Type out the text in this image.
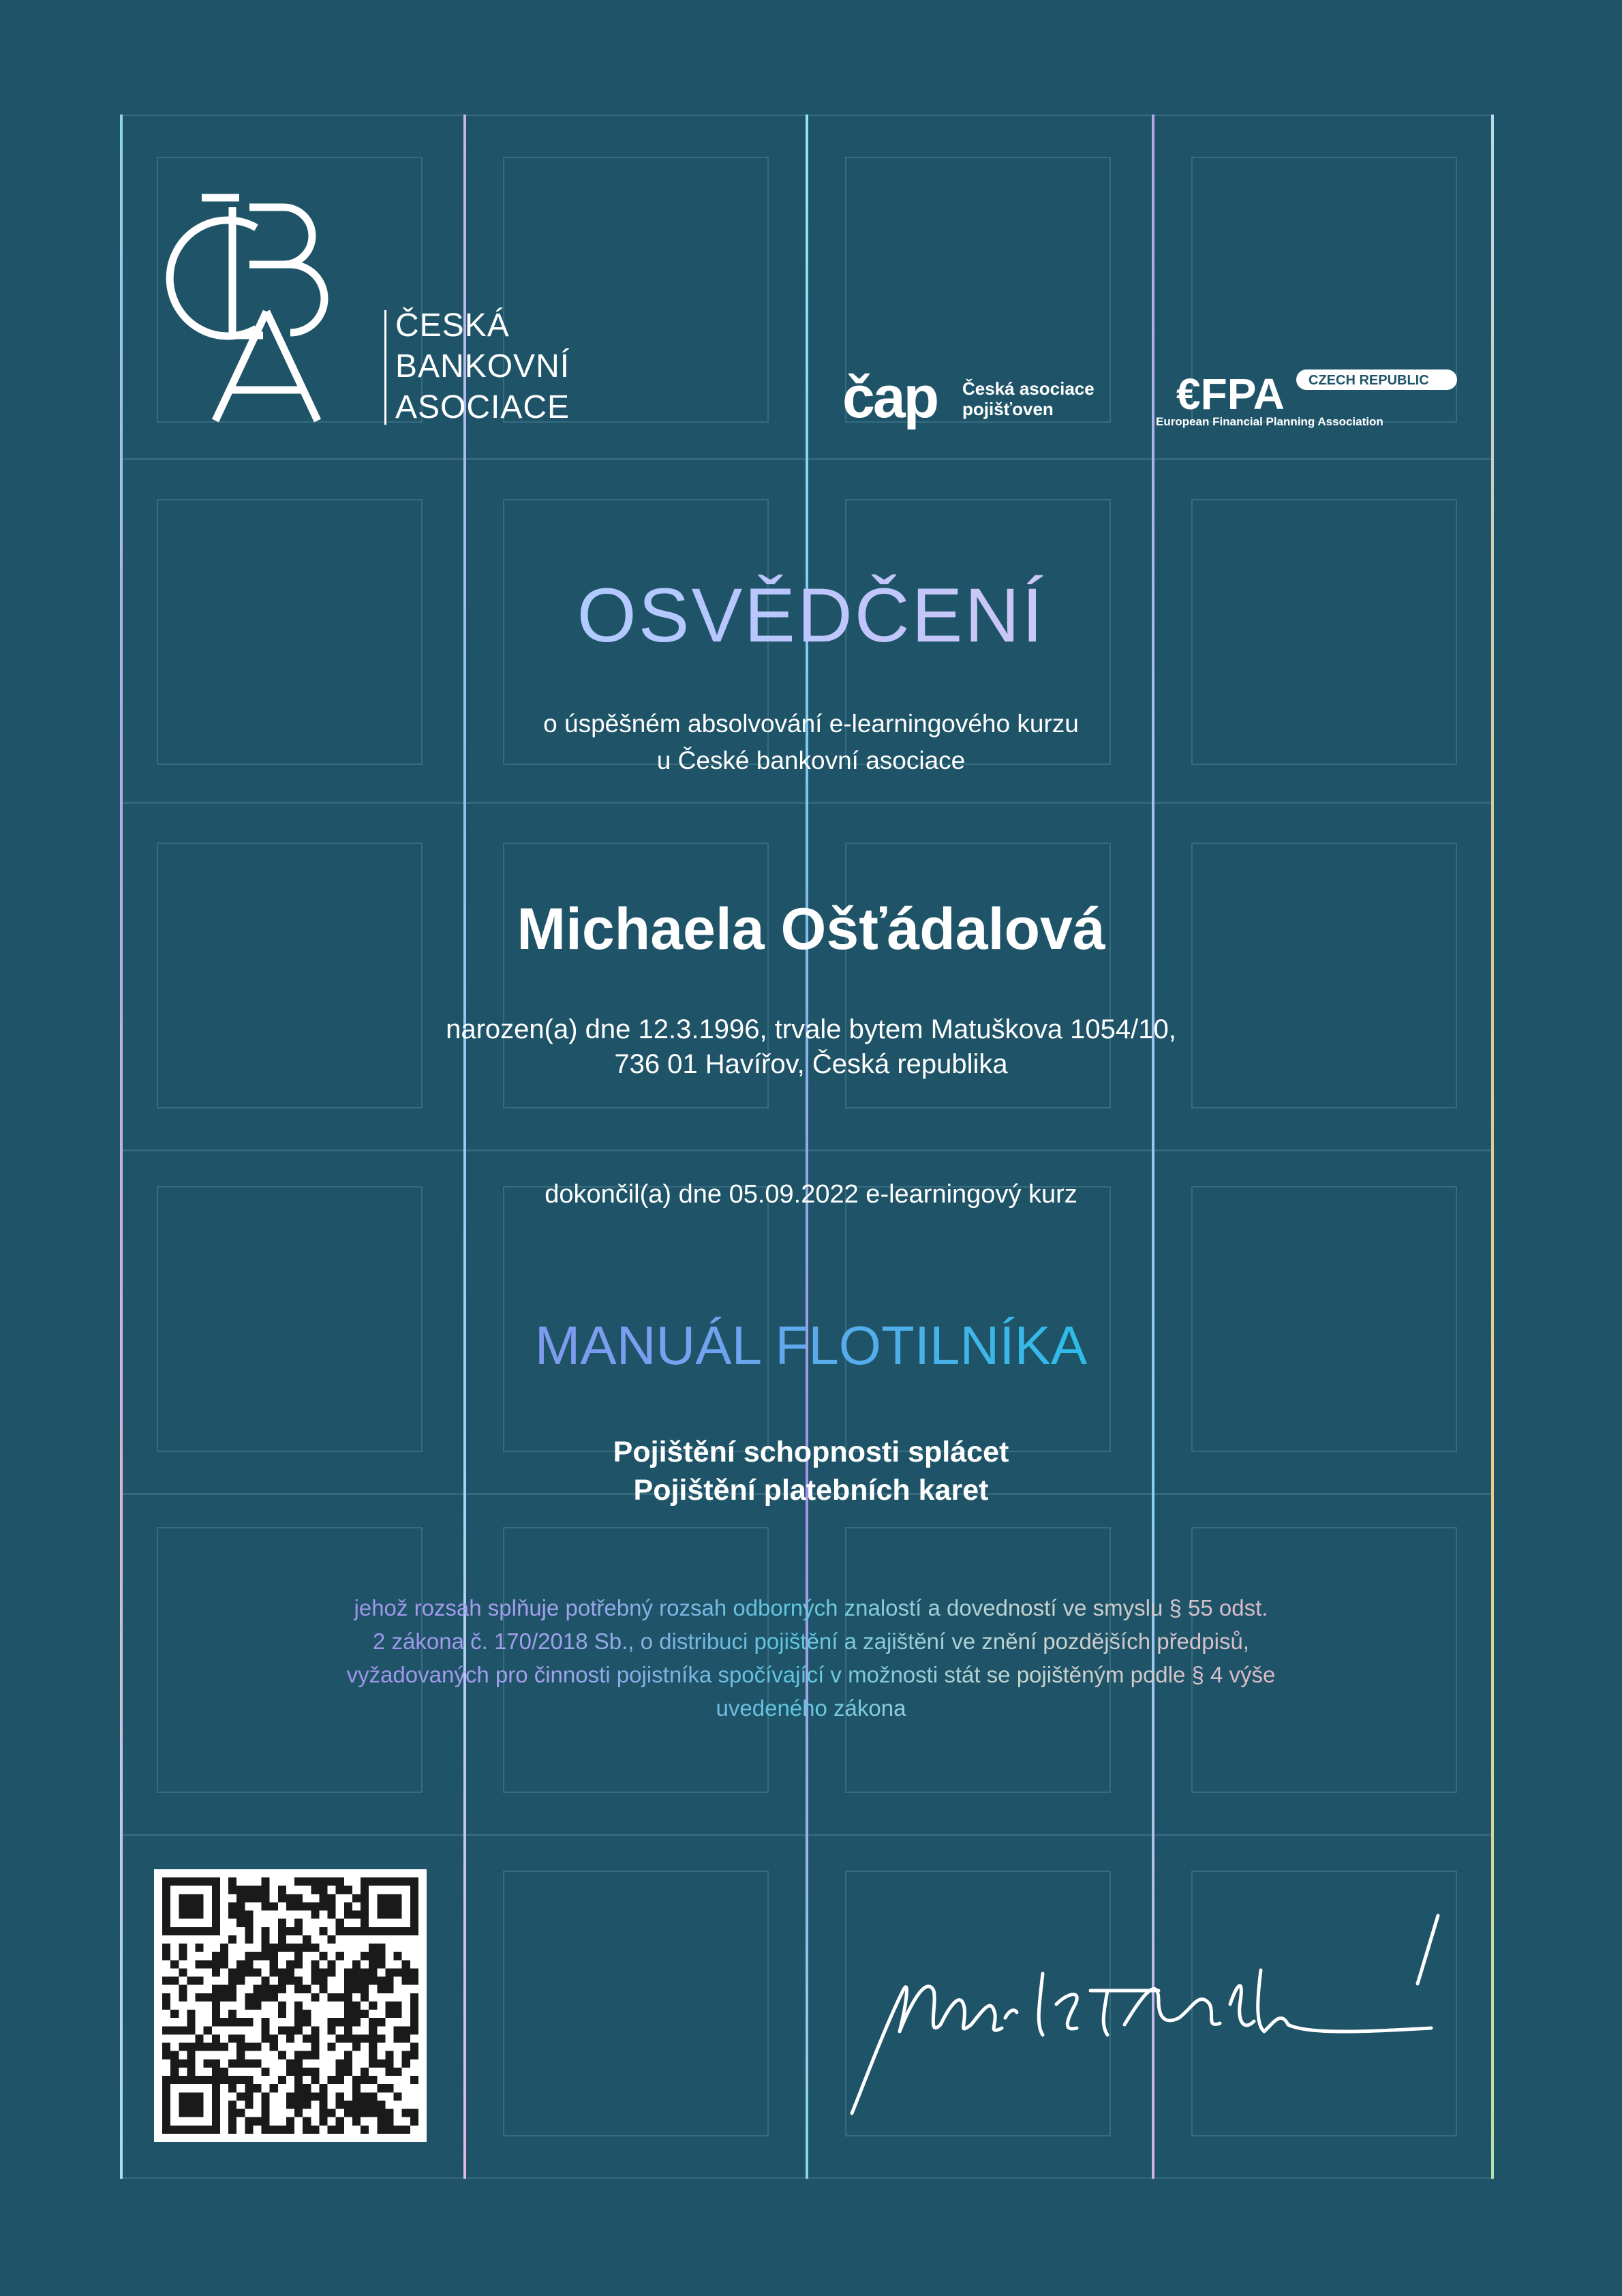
ČESKÁ
BANKOVNÍ
ASOCIACE	čap Česká asociace
pojišťoven	€FPA CZECH REPUBLIC
European Financial Planning Association
OSVĚDČENÍ
o úspěšném absolvování e-learningového kurzu
u České bankovní asociace
Michaela Ošťádalová
narozen(a) dne 12.3.1996, trvale bytem Matuškova 1054/10,
736 01 Havířov, Česká republika
dokončil(a) dne 05.09.2022 e-learningový kurz
MANUÁL FLOTILNÍKA
Pojištění schopnosti splácet
Pojištění platebních karet
jehož rozsah splňuje potřebný rozsah odborných znalostí a dovedností ve smyslu § 55 odst.
2 zákona č. 170/2018 Sb., o distribuci pojištění a zajištění ve znění pozdějších předpisů,
vyžadovaných pro činnosti pojistníka spočívající v možnosti stát se pojištěným podle § 4 výše
uvedeného zákona
